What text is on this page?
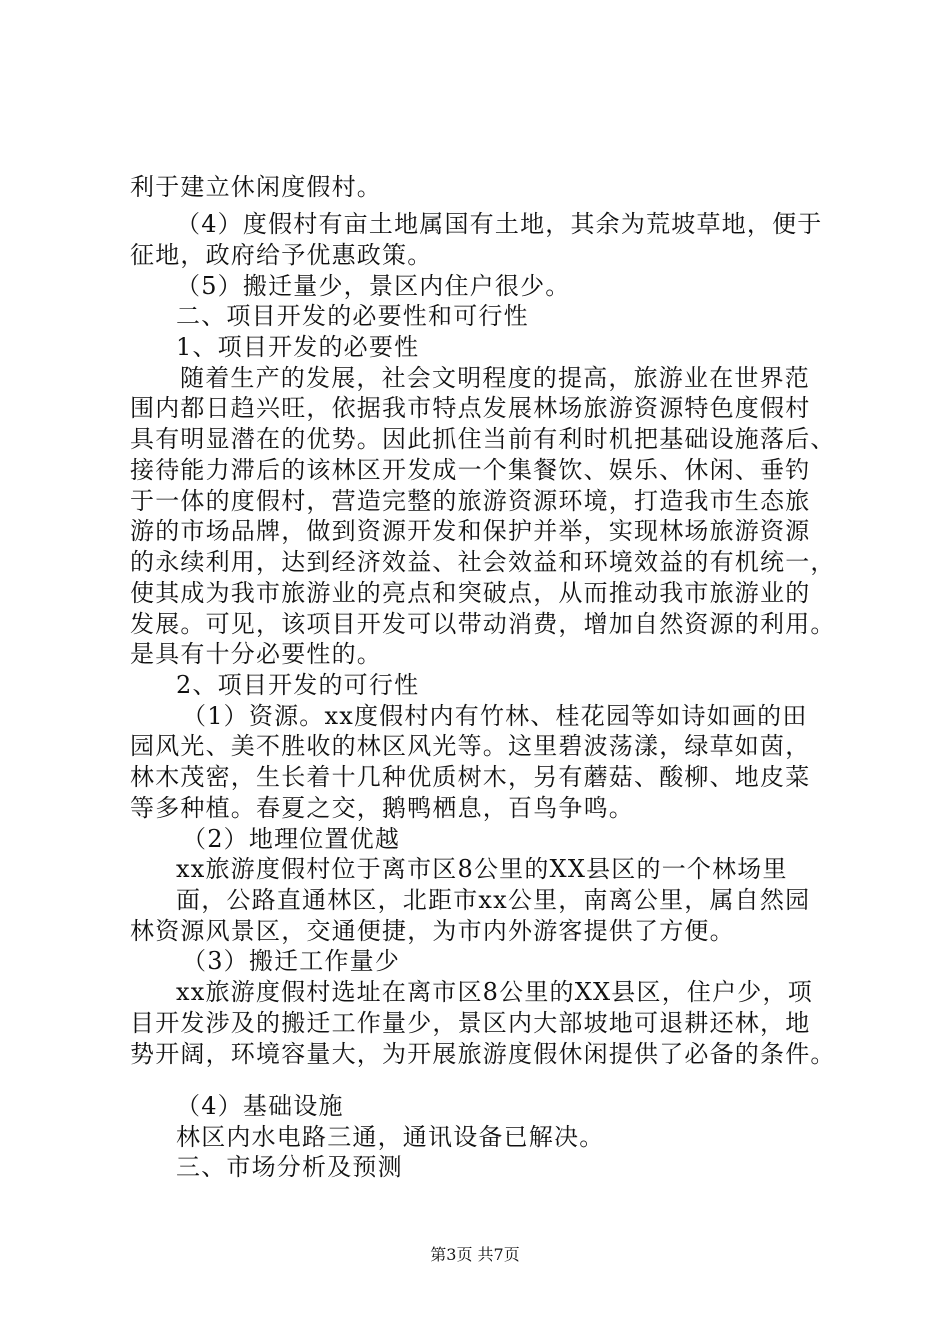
利于建立休闲度假村。
（4）度假村有亩土地属国有土地，其余为荒坡草地，便于
征地，政府给予优惠政策。
（5）搬迁量少，景区内住户很少。
二、项目开发的必要性和可行性
1、项目开发的必要性
随着生产的发展，社会文明程度的提高，旅游业在世界范
围内都日趋兴旺，依据我市特点发展林场旅游资源特色度假村
具有明显潜在的优势。因此抓住当前有利时机把基础设施落后、
接待能力滞后的该林区开发成一个集餐饮、娱乐、休闲、垂钓
于一体的度假村，营造完整的旅游资源环境，打造我市生态旅
游的市场品牌，做到资源开发和保护并举，实现林场旅游资源
的永续利用，达到经济效益、社会效益和环境效益的有机统一，
使其成为我市旅游业的亮点和突破点，从而推动我市旅游业的
发展。可见，该项目开发可以带动消费，增加自然资源的利用。
是具有十分必要性的。
2、项目开发的可行性
（1）资源。xx度假村内有竹林、桂花园等如诗如画的田
园风光、美不胜收的林区风光等。这里碧波荡漾，绿草如茵，
林木茂密，生长着十几种优质树木，另有蘑菇、酸柳、地皮菜
等多种植。春夏之交，鹅鸭栖息，百鸟争鸣。
（2）地理位置优越
xx旅游度假村位于离市区8公里的XX县区的一个林场里
面，公路直通林区，北距市xx公里，南离公里，属自然园
林资源风景区，交通便捷，为市内外游客提供了方便。
（3）搬迁工作量少
xx旅游度假村选址在离市区8公里的XX县区，住户少，项
目开发涉及的搬迁工作量少，景区内大部坡地可退耕还林，地
势开阔，环境容量大，为开展旅游度假休闲提供了必备的条件。
（4）基础设施
林区内水电路三通，通讯设备已解决。
三、市场分析及预测
第3页 共7页
